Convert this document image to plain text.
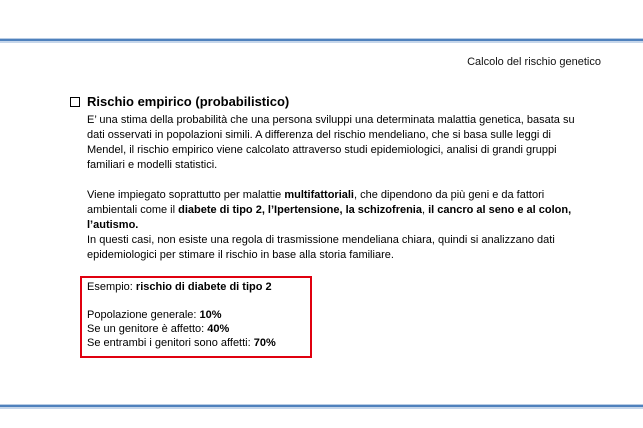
Calcolo del rischio genetico
Rischio empirico (probabilistico)

E’ una stima della probabilità che una persona sviluppi una determinata malattia genetica, basata su dati osservati in popolazioni simili. A differenza del rischio mendeliano, che si basa sulle leggi di Mendel, il rischio empirico viene calcolato attraverso studi epidemiologici, analisi di grandi gruppi familiari e modelli statistici.

Viene impiegato soprattutto per malattie multifattoriali, che dipendono da più geni e da fattori ambientali come il diabete di tipo 2, l’Ipertensione, la schizofrenia, il cancro al seno e al colon, l’autismo.

In questi casi, non esiste una regola di trasmissione mendeliana chiara, quindi si analizzano dati epidemiologici per stimare il rischio in base alla storia familiare.

Esempio: rischio di diabete di tipo 2

Popolazione generale: 10%

Se un genitore è affetto: 40%

Se entrambi i genitori sono affetti: 70%
